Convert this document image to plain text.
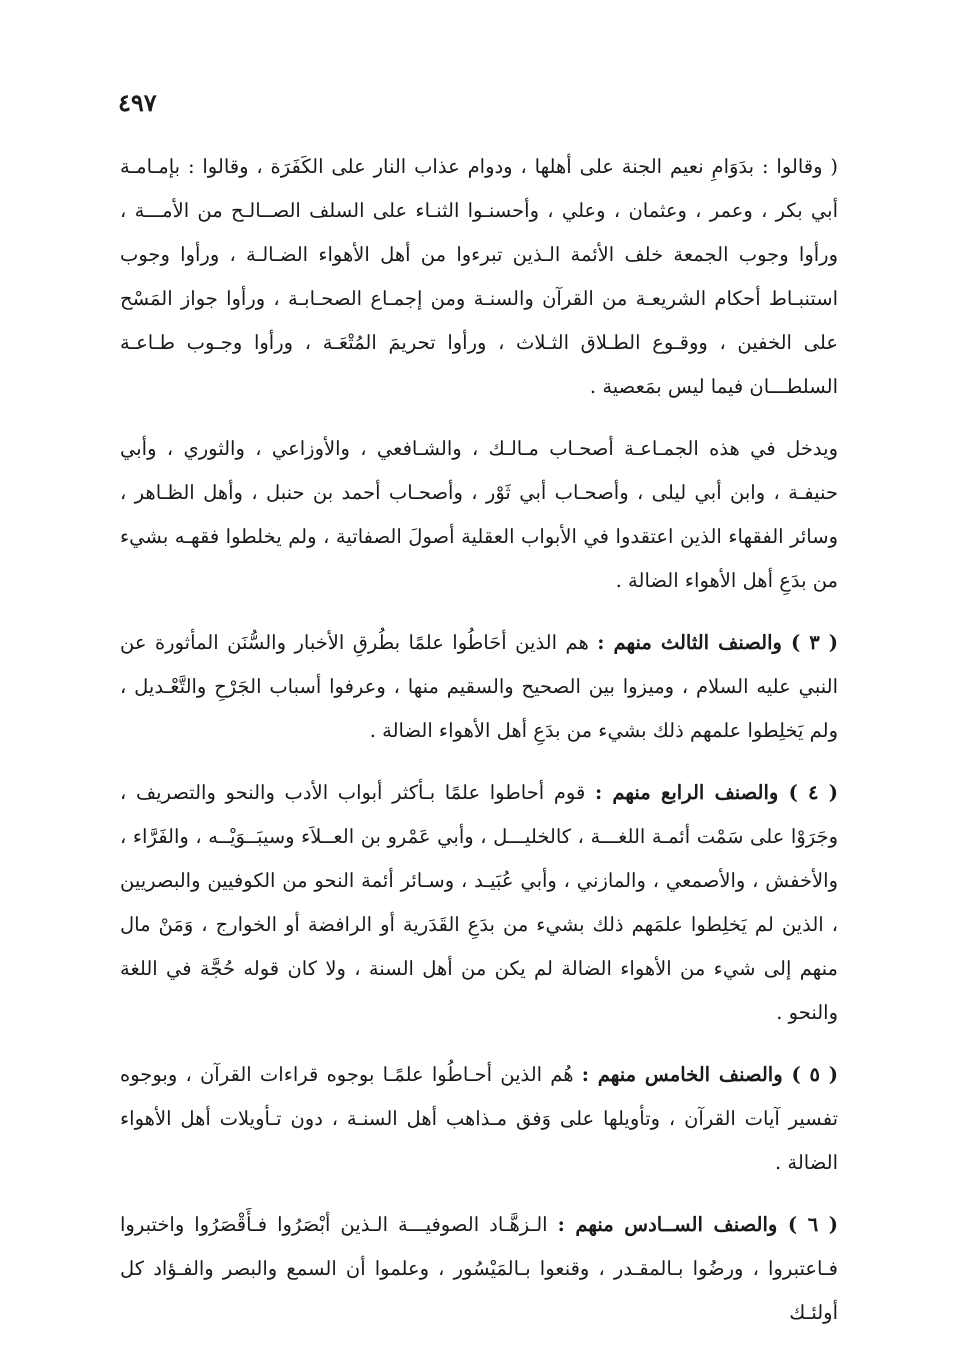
٤٩٧

( وقالوا : بدَوَامِ نعيم الجنة على أهلها ، ودوام عذاب النار على الكَفَرَة ، وقالوا : بإمـامـة أبي بكر ، وعمر ، وعثمان ، وعلي ، وأحسنـوا الثنـاء على السلف الصــالـح من الأمـــة ، ورأوا وجوب الجمعة خلف الأئمة الـذين تبرءوا من أهل الأهواء الضـالـة ، ورأوا وجوب استنبـاط أحكام الشريعـة من القرآن والسنـة ومن إجمـاع الصحـابـة ، ورأوا جواز المَسْح على الخفين ، ووقـوع الطـلاق الثـلاث ، ورأوا تحريمَ المُتْعَـة ، ورأوا وجـوب طـاعـة السلطـــان فيما ليس بمَعصية .

ويدخل في هذه الجمـاعـة أصحـاب مـالـك ، والشـافعي ، والأوزاعي ، والثوري ، وأبي حنيفـة ، وابن أبي ليلى ، وأصحـاب أبي ثَوْر ، وأصحـاب أحمد بن حنبل ، وأهل الظـاهر ، وسائر الفقهاء الذين اعتقدوا في الأبواب العقلية أصولَ الصفاتية ، ولم يخلطوا فقهـه بشيء من بدَعِ أهل الأهواء الضالة .

( ٣ ) والصنف الثالث منهم : هم الذين أحَاطُوا علمًا بطُرقِ الأخبار والسُّنَن المأثورة عن النبي عليه السلام ، وميزوا بين الصحيح والسقيم منها ، وعرفوا أسباب الجَرْحِ والتَّعْـديل ، ولم يَخلِطوا علمهم ذلك بشيء من بدَعِ أهل الأهواء الضالة .

( ٤ ) والصنف الرابع منهم : قوم أحاطوا علمًا بـأكثر أبواب الأدب والنحو والتصريف ، وجَرَوْا على سَمْت أئمـة اللغـــة ، كالخليـــل ، وأبي عَمْرو بن العــلاَء وسيبَــوَيْــه ، والفَرَّاء ، والأخفش ، والأصمعي ، والمازني ، وأبي عُبَيـد ، وسـائر أئمة النحو من الكوفيين والبصريين ، الذين لم يَخلِطوا علمَهم ذلك بشيء من بدَعِ القَدَرية أو الرافضة أو الخوارج ، وَمَنْ مال منهم إلى شيء من الأهواء الضالة لم يكن من أهل السنة ، ولا كان قوله حُجَّة في اللغة والنحو .

( ٥ ) والصنف الخامس منهم : هُم الذين أحـاطُوا علمًـا بوجوه قراءات القرآن ، وبوجوه تفسير آيات القرآن ، وتأويلها على وَفق مـذاهب أهل السنـة ، دون تـأويلات أهل الأهواء الضالة .

( ٦ ) والصنف الســادس منهم : الـزهَّـاد الصوفيـــة الـذين أبْصَرُوا فـأَقْصَرُوا واختبروا فـاعتبروا ، ورضُوا بـالمقـدر ، وقنعوا بـالمَيْسُور ، وعلموا أن السمع والبصر والفـؤاد كل أولئـك
